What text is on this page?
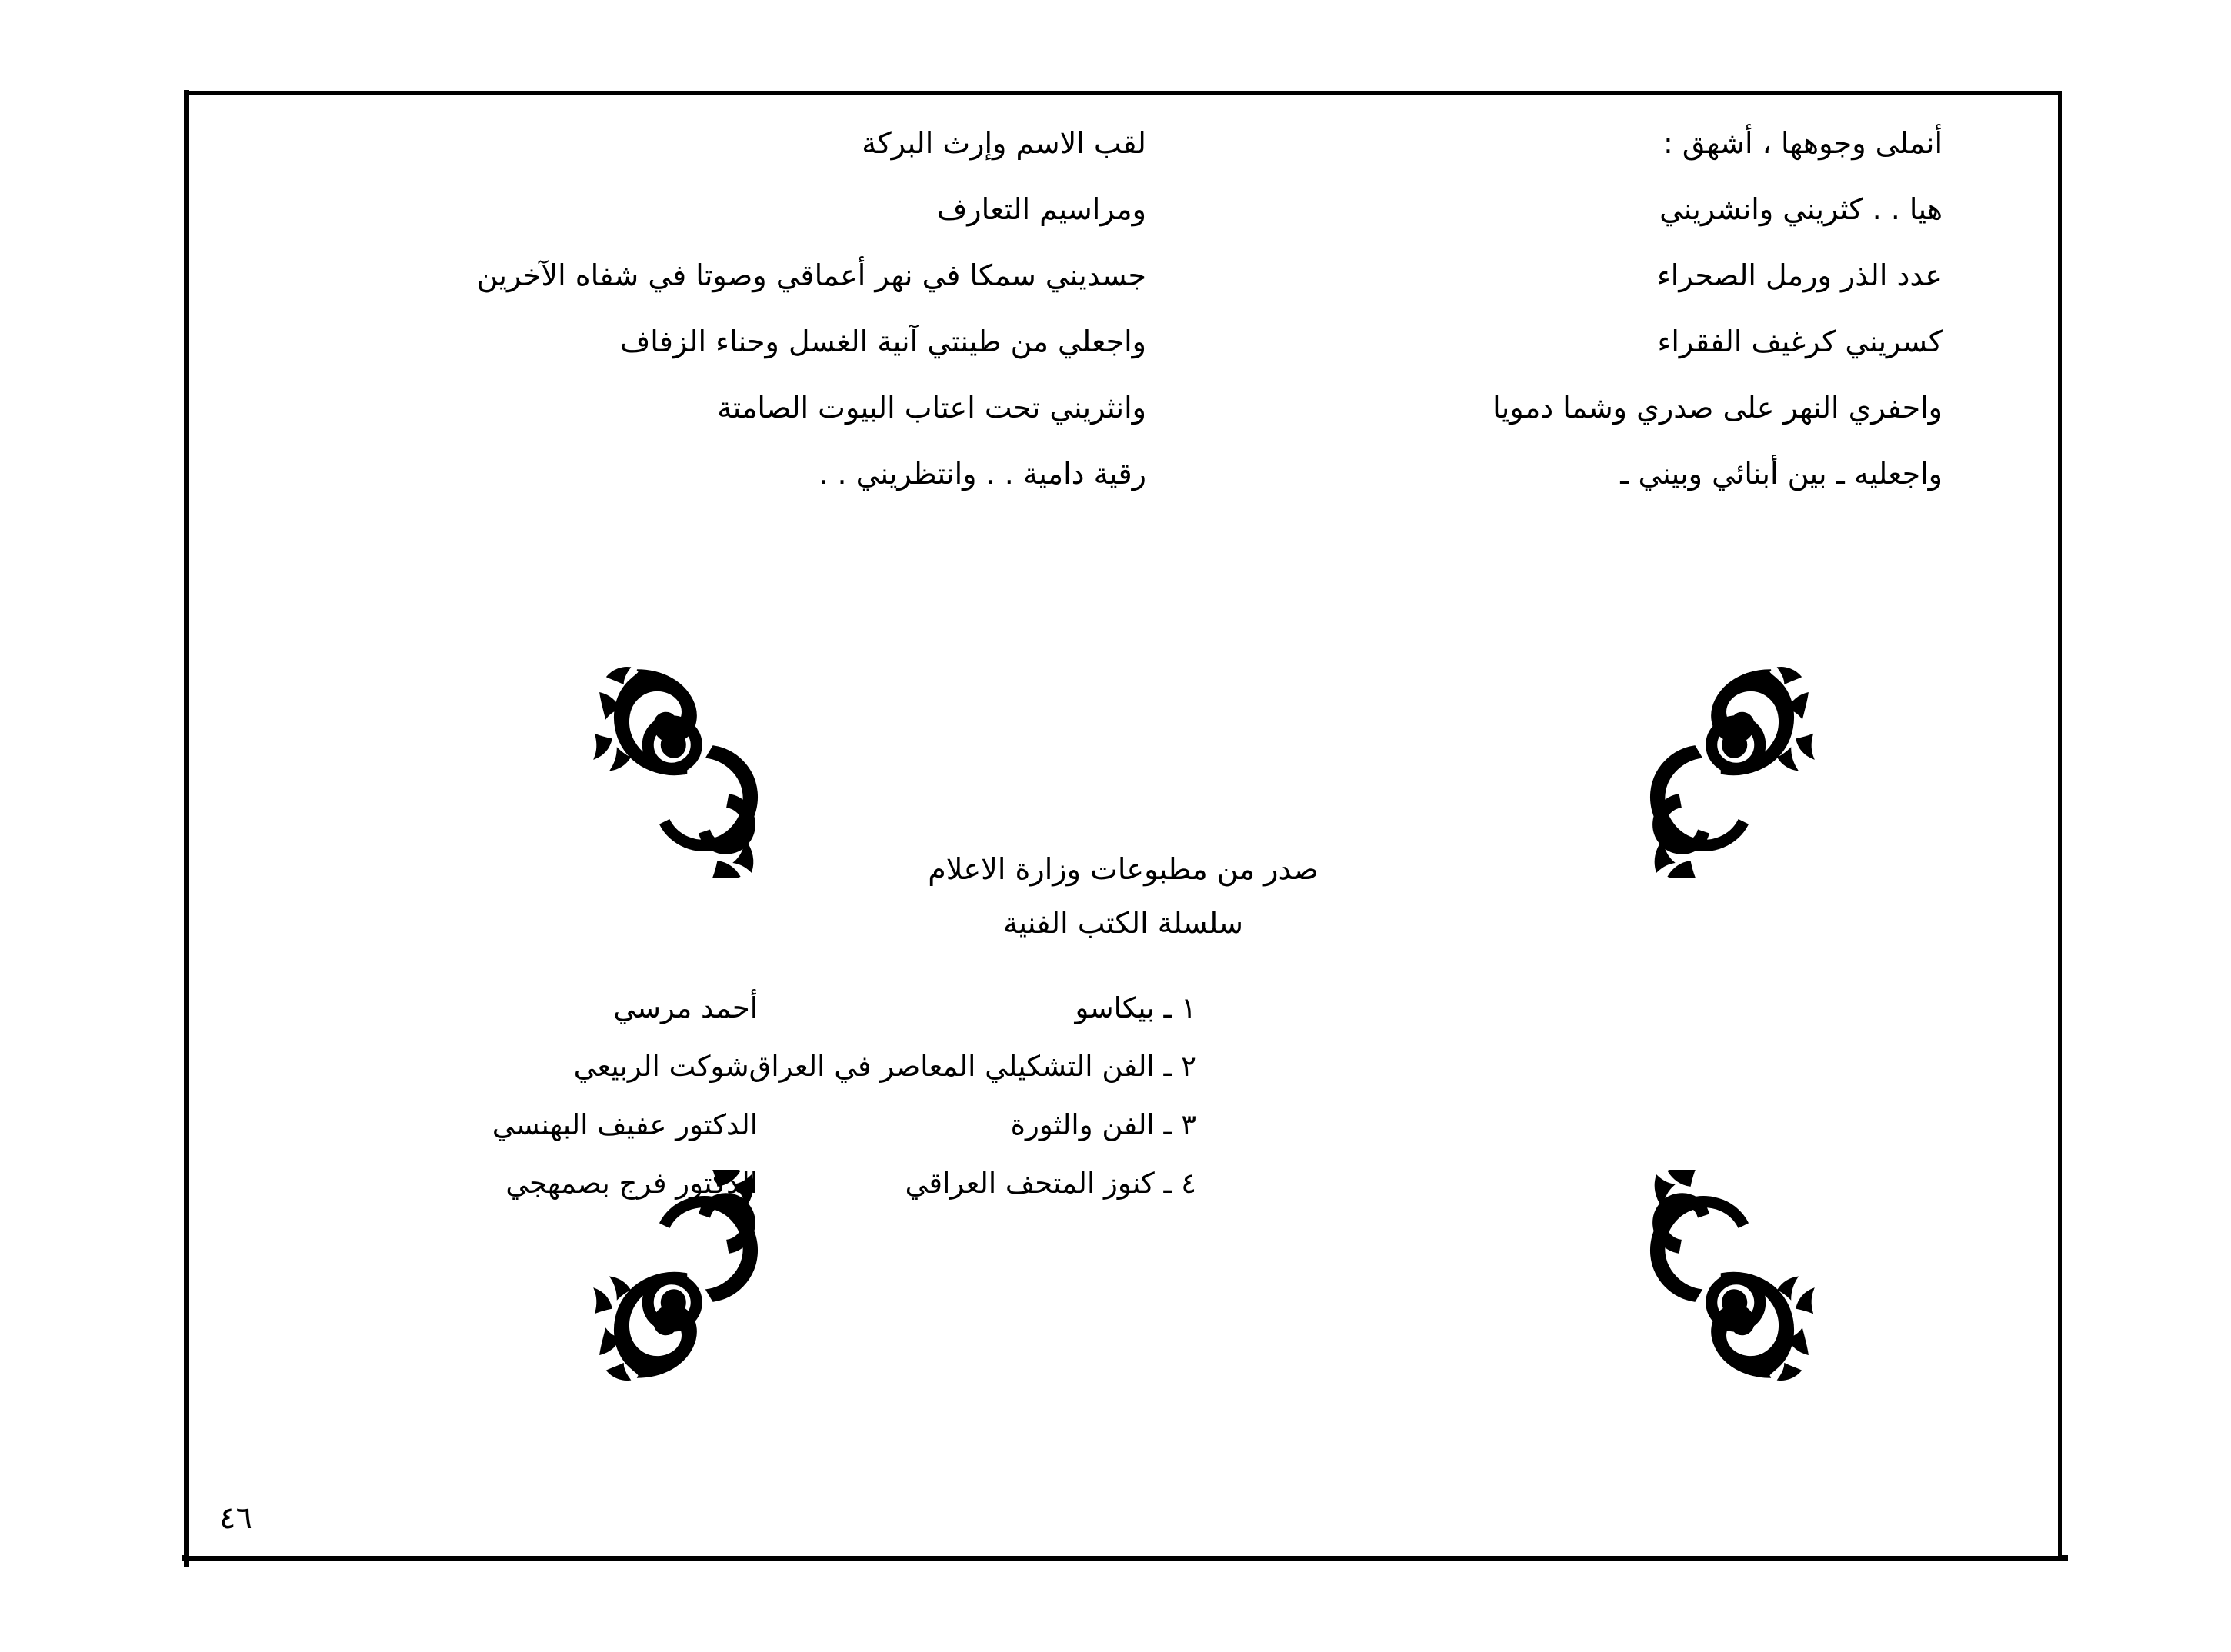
أنملى وجوهها ، أشهق :
هيا . . كثريني وانشريني
عدد الذر ورمل الصحراء
كسريني كرغيف الفقراء
واحفري النهر على صدري وشما دمويا
واجعليه ـ بين أبنائي وبيني ـ
لقب الاسم وإرث البركة
ومراسيم التعارف
جسديني سمكا في نهر أعماقي وصوتا في شفاه الآخرين
واجعلي من طينتي آنية الغسل وحناء الزفاف
وانثريني تحت اعتاب البيوت الصامتة
رقية دامية . . وانتظريني . .
صدر من مطبوعات وزارة الاعلام
سلسلة الكتب الفنية
١ ـ بيكاسو
أحمد مرسي
٢ ـ الفن التشكيلي المعاصر في العراق
شوكت الربيعي
٣ ـ الفن والثورة
الدكتور عفيف البهنسي
٤ ـ كنوز المتحف العراقي
الدكتور فرج بصمهجي
٤٦
